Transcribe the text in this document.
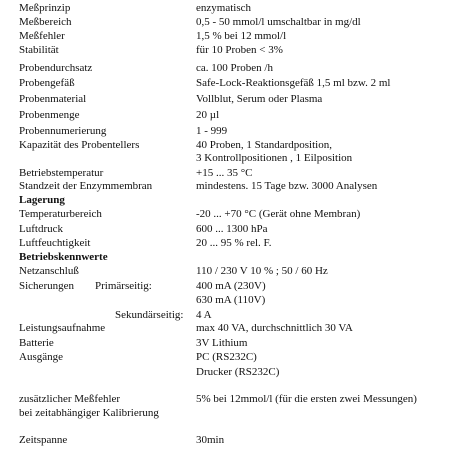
Meßprinzip	enzymatisch
Meßbereich	0,5 - 50 mmol/l umschaltbar in mg/dl
Meßfehler	1,5 % bei 12 mmol/l
Stabilität	für 10 Proben < 3%
Probendurchsatz	ca. 100 Proben /h
Probengefäß	Safe-Lock-Reaktionsgefäß 1,5 ml bzw. 2 ml
Probenmaterial	Vollblut, Serum oder Plasma
Probenmenge	20 µl
Probennumerierung	1 - 999
Kapazität des Probentellers	40 Proben, 1 Standardposition,
3 Kontrollpositionen , 1 Eilposition
Betriebstemperatur	+15 ... 35 °C
Standzeit der Enzymmembran	mindestens. 15 Tage bzw. 3000 Analysen
Lagerung
Temperaturbereich	-20 ... +70 °C (Gerät ohne Membran)
Luftdruck	600 ... 1300 hPa
Luftfeuchtigkeit	20 ... 95 % rel. F.
Betriebskennwerte
Netzanschluß	110 / 230 V 10 % ; 50 / 60 Hz
Sicherungen Primärseitig:	400 mA (230V)
630 mA (110V)
Sekundärseitig: 4 A
Leistungsaufnahme	max 40 VA, durchschnittlich 30 VA
Batterie	3V Lithium
Ausgänge	PC (RS232C)
Drucker (RS232C)
zusätzlicher Meßfehler	5% bei 12mmol/l (für die ersten zwei Messungen)
bei zeitabhängiger Kalibrierung
Zeitspanne	30min
